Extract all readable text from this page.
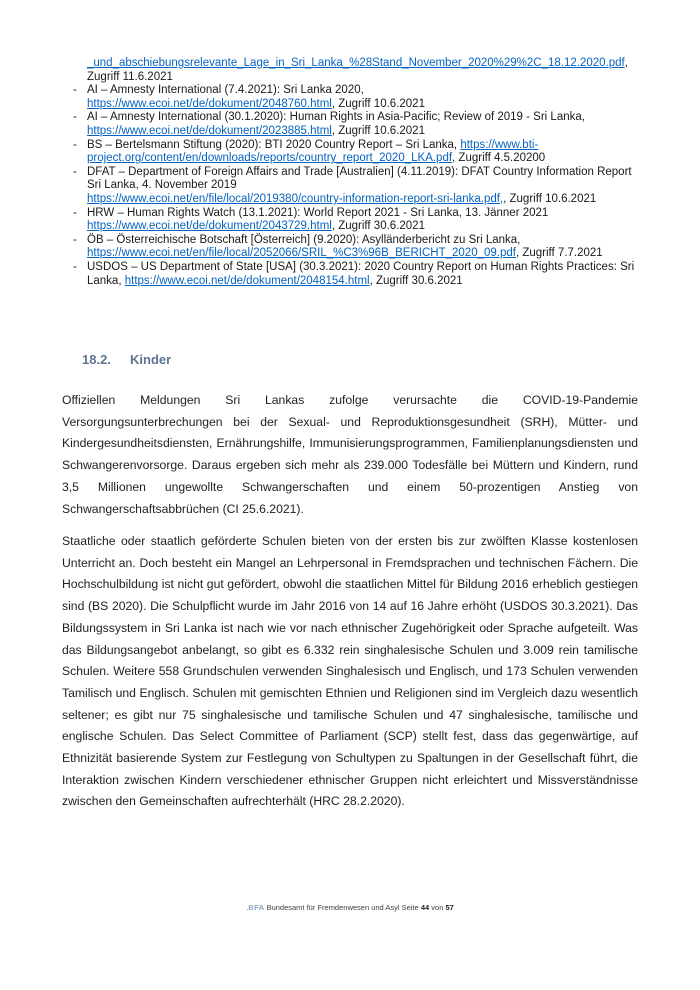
_und_abschiebungsrelevante_Lage_in_Sri_Lanka_%28Stand_November_2020%29%2C_18.12.2020.pdf, Zugriff 11.6.2021
- AI – Amnesty International (7.4.2021): Sri Lanka 2020,
https://www.ecoi.net/de/dokument/2048760.html, Zugriff 10.6.2021
- AI – Amnesty International (30.1.2020): Human Rights in Asia-Pacific; Review of 2019 - Sri Lanka, https://www.ecoi.net/de/dokument/2023885.html, Zugriff 10.6.2021
- BS – Bertelsmann Stiftung (2020): BTI 2020 Country Report – Sri Lanka, https://www.bti-project.org/content/en/downloads/reports/country_report_2020_LKA.pdf, Zugriff 4.5.20200
- DFAT – Department of Foreign Affairs and Trade [Australien] (4.11.2019): DFAT Country Information Report Sri Lanka, 4. November 2019
https://www.ecoi.net/en/file/local/2019380/country-information-report-sri-lanka.pdf,, Zugriff 10.6.2021
- HRW – Human Rights Watch (13.1.2021): World Report 2021 - Sri Lanka, 13. Jänner 2021
https://www.ecoi.net/de/dokument/2043729.html, Zugriff 30.6.2021
- ÖB – Österreichische Botschaft [Österreich] (9.2020): Asylländerbericht zu Sri Lanka, https://www.ecoi.net/en/file/local/2052066/SRIL_%C3%96B_BERICHT_2020_09.pdf, Zugriff 7.7.2021
- USDOS – US Department of State [USA] (30.3.2021): 2020 Country Report on Human Rights Practices: Sri Lanka, https://www.ecoi.net/de/dokument/2048154.html, Zugriff 30.6.2021
18.2. Kinder

Offiziellen Meldungen Sri Lankas zufolge verursachte die COVID-19-Pandemie Versorgungsunterbrechungen bei der Sexual- und Reproduktionsgesundheit (SRH), Mütter- und Kindergesundheitsdiensten, Ernährungshilfe, Immunisierungsprogrammen, Familienplanungsdiensten und Schwangerenvorsorge. Daraus ergeben sich mehr als 239.000 Todesfälle bei Müttern und Kindern, rund 3,5 Millionen ungewollte Schwangerschaften und einem 50-prozentigen Anstieg von Schwangerschaftsabbrüchen (CI 25.6.2021).

Staatliche oder staatlich geförderte Schulen bieten von der ersten bis zur zwölften Klasse kostenlosen Unterricht an. Doch besteht ein Mangel an Lehrpersonal in Fremdsprachen und technischen Fächern. Die Hochschulbildung ist nicht gut gefördert, obwohl die staatlichen Mittel für Bildung 2016 erheblich gestiegen sind (BS 2020). Die Schulpflicht wurde im Jahr 2016 von 14 auf 16 Jahre erhöht (USDOS 30.3.2021). Das Bildungssystem in Sri Lanka ist nach wie vor nach ethnischer Zugehörigkeit oder Sprache aufgeteilt. Was das Bildungsangebot anbelangt, so gibt es 6.332 rein singhalesische Schulen und 3.009 rein tamilische Schulen. Weitere 558 Grundschulen verwenden Singhalesisch und Englisch, und 173 Schulen verwenden Tamilisch und Englisch. Schulen mit gemischten Ethnien und Religionen sind im Vergleich dazu wesentlich seltener; es gibt nur 75 singhalesische und tamilische Schulen und 47 singhalesische, tamilische und englische Schulen. Das Select Committee of Parliament (SCP) stellt fest, dass das gegenwärtige, auf Ethnizität basierende System zur Festlegung von Schultypen zu Spaltungen in der Gesellschaft führt, die Interaktion zwischen Kindern verschiedener ethnischer Gruppen nicht erleichtert und Missverständnisse zwischen den Gemeinschaften aufrechterhält (HRC 28.2.2020).

.BFA Bundesamt für Fremdenwesen und Asyl Seite 44 von 57
